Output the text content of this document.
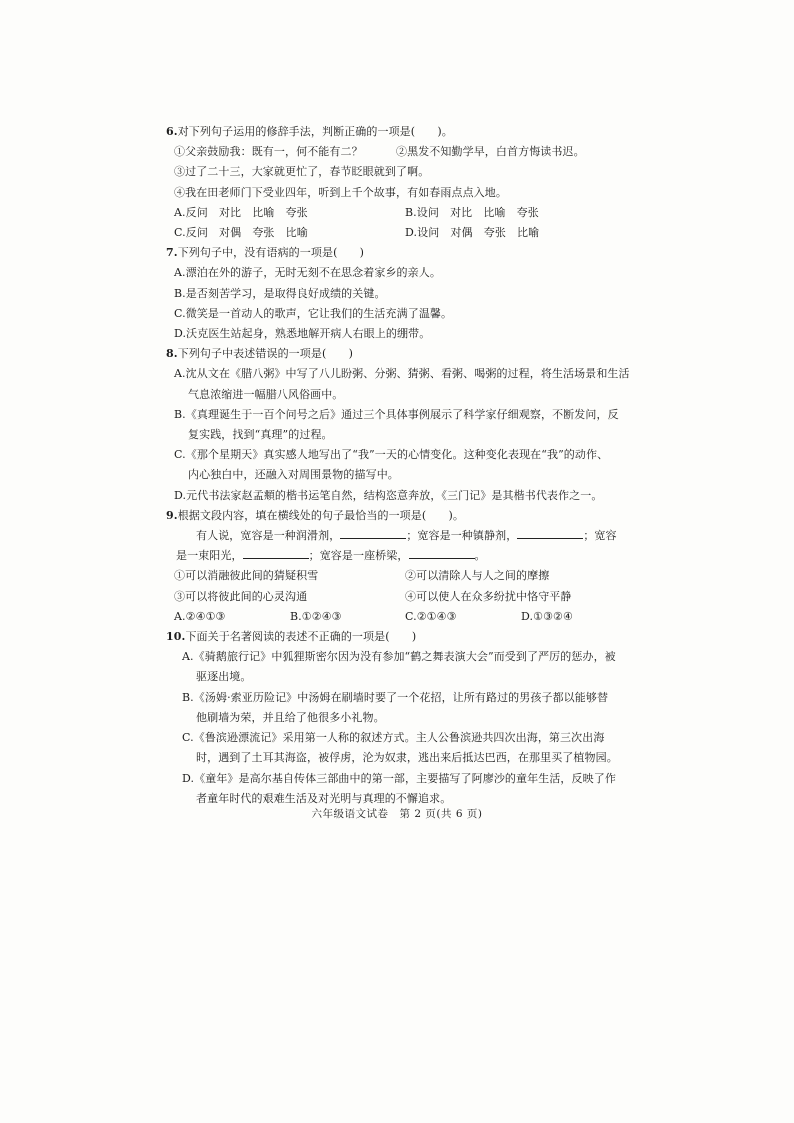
6.对下列句子运用的修辞手法，判断正确的一项是(　　)。
①父亲鼓励我：既有一，何不能有二？	②黑发不知勤学早，白首方悔读书迟。
③过了二十三，大家就更忙了，春节眨眼就到了啊。
④我在田老师门下受业四年，听到上千个故事，有如春雨点点入地。
A.反问　对比　比喻　夸张	B.设问　对比　比喻　夸张
C.反问　对偶　夸张　比喻	D.设问　对偶　夸张　比喻
7.下列句子中，没有语病的一项是(　　)
A.漂泊在外的游子，无时无刻不在思念着家乡的亲人。
B.是否刻苦学习，是取得良好成绩的关键。
C.微笑是一首动人的歌声，它让我们的生活充满了温馨。
D.沃克医生站起身，熟悉地解开病人右眼上的绷带。
8.下列句子中表述错误的一项是(　　)
A.沈从文在《腊八粥》中写了八儿盼粥、分粥、猜粥、看粥、喝粥的过程，将生活场景和生活
气息浓缩进一幅腊八风俗画中。
B.《真理诞生于一百个问号之后》通过三个具体事例展示了科学家仔细观察，不断发问，反
复实践，找到“真理”的过程。
C.《那个星期天》真实感人地写出了“我”一天的心情变化。这种变化表现在“我”的动作、
内心独白中，还融入对周围景物的描写中。
D.元代书法家赵孟頫的楷书运笔自然，结构恣意奔放，《三门记》是其楷书代表作之一。
9.根据文段内容，填在横线处的句子最恰当的一项是(　　)。
有人说，宽容是一种润滑剂，	；宽容是一种镇静剂，	；宽容
是一束阳光，	；宽容是一座桥梁，	。
①可以消融彼此间的猜疑积雪	②可以清除人与人之间的摩擦
③可以将彼此间的心灵沟通	④可以使人在众多纷扰中恪守平静
A.②④①③	B.①②④③	C.②①④③	D.①③②④
10.下面关于名著阅读的表述不正确的一项是(　　)
A.《骑鹅旅行记》中狐狸斯密尔因为没有参加“鹤之舞表演大会”而受到了严厉的惩办，被
驱逐出境。
B.《汤姆·索亚历险记》中汤姆在刷墙时要了一个花招，让所有路过的男孩子都以能够替
他刷墙为荣，并且给了他很多小礼物。
C.《鲁滨逊漂流记》采用第一人称的叙述方式。主人公鲁滨逊共四次出海，第三次出海
时，遇到了土耳其海盗，被俘虏，沦为奴隶，逃出来后抵达巴西，在那里买了植物园。
D.《童年》是高尔基自传体三部曲中的第一部，主要描写了阿廖沙的童年生活，反映了作
者童年时代的艰难生活及对光明与真理的不懈追求。
六年级语文试卷　第 2 页(共 6 页)
